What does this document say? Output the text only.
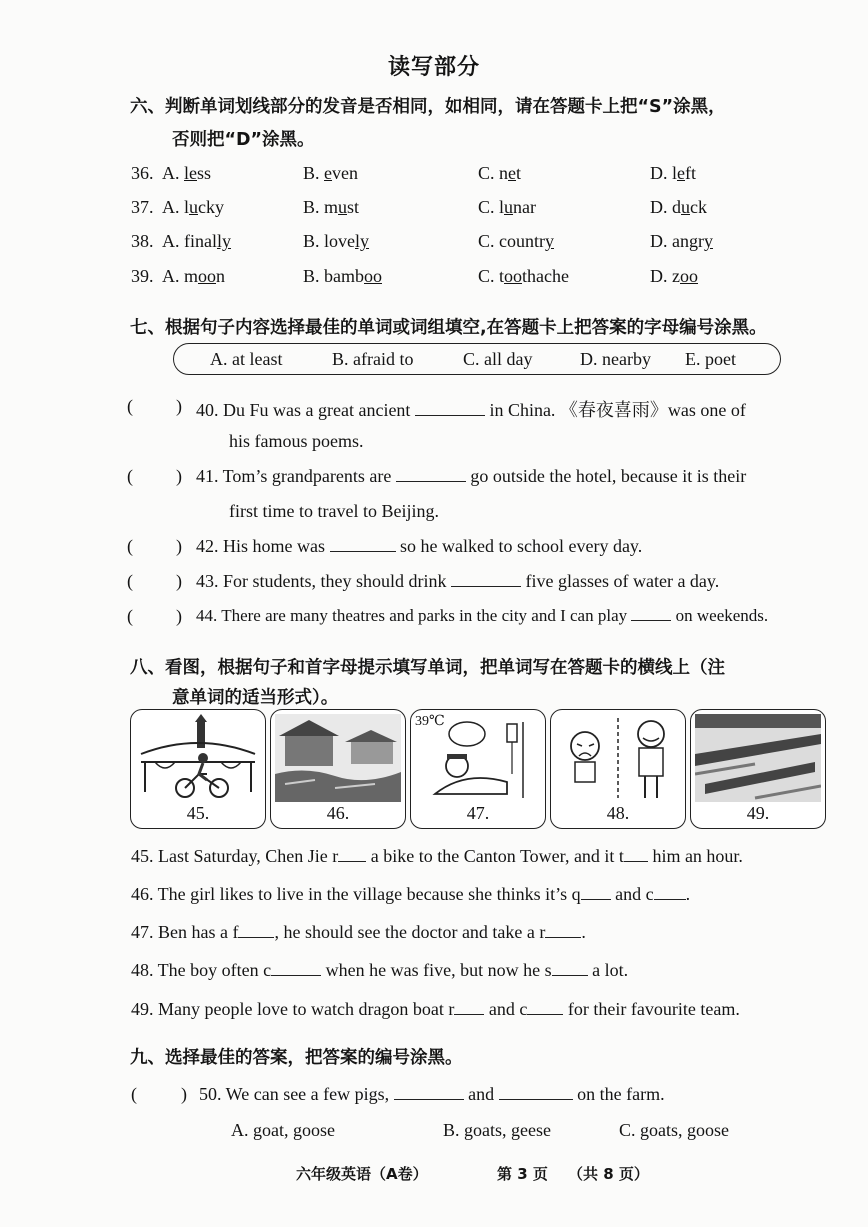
读写部分
六、判断单词划线部分的发音是否相同，如相同，请在答题卡上把“S”涂黑，
否则把“D”涂黑。
36. A. less	B. even	C. net	D. left
37. A. lucky	B. must	C. lunar	D. duck
38. A. finally	B. lovely	C. country	D. angry
39. A. moon	B. bamboo	C. toothache	D. zoo
七、根据句子内容选择最佳的单词或词组填空,在答题卡上把答案的字母编号涂黑。
A. at least	B. afraid to	C. all day	D. nearby E. poet
( ) 40. Du Fu was a great ancient	in China. 《春夜喜雨》was one of
his famous poems.
( ) 41. Tom’s grandparents are	go outside the hotel, because it is their
first time to travel to Beijing.
( ) 42. His home was	so he walked to school every day.
( ) 43. For students, they should drink	five glasses of water a day.
( ) 44. There are many theatres and parks in the city and I can play	on weekends.
八、看图，根据句子和首字母提示填写单词，把单词写在答题卡的横线上（注
意单词的适当形式）。
45.	46.
39℃
47.	48.	49.
45. Last Saturday, Chen Jie r a bike to the Canton Tower, and it t him an hour.
46. The girl likes to live in the village because she thinks it’s q and c .
47. Ben has a f , he should see the doctor and take a r .
48. The boy often c	when he was five, but now he s a lot.
49. Many people love to watch dragon boat r and c for their favourite team.
九、选择最佳的答案，把答案的编号涂黑。
( ) 50. We can see a few pigs,	and	on the farm.
A. goat, goose	B. goats, geese	C. goats, goose
六年级英语（A卷）	第 3 页 （共 8 页）
